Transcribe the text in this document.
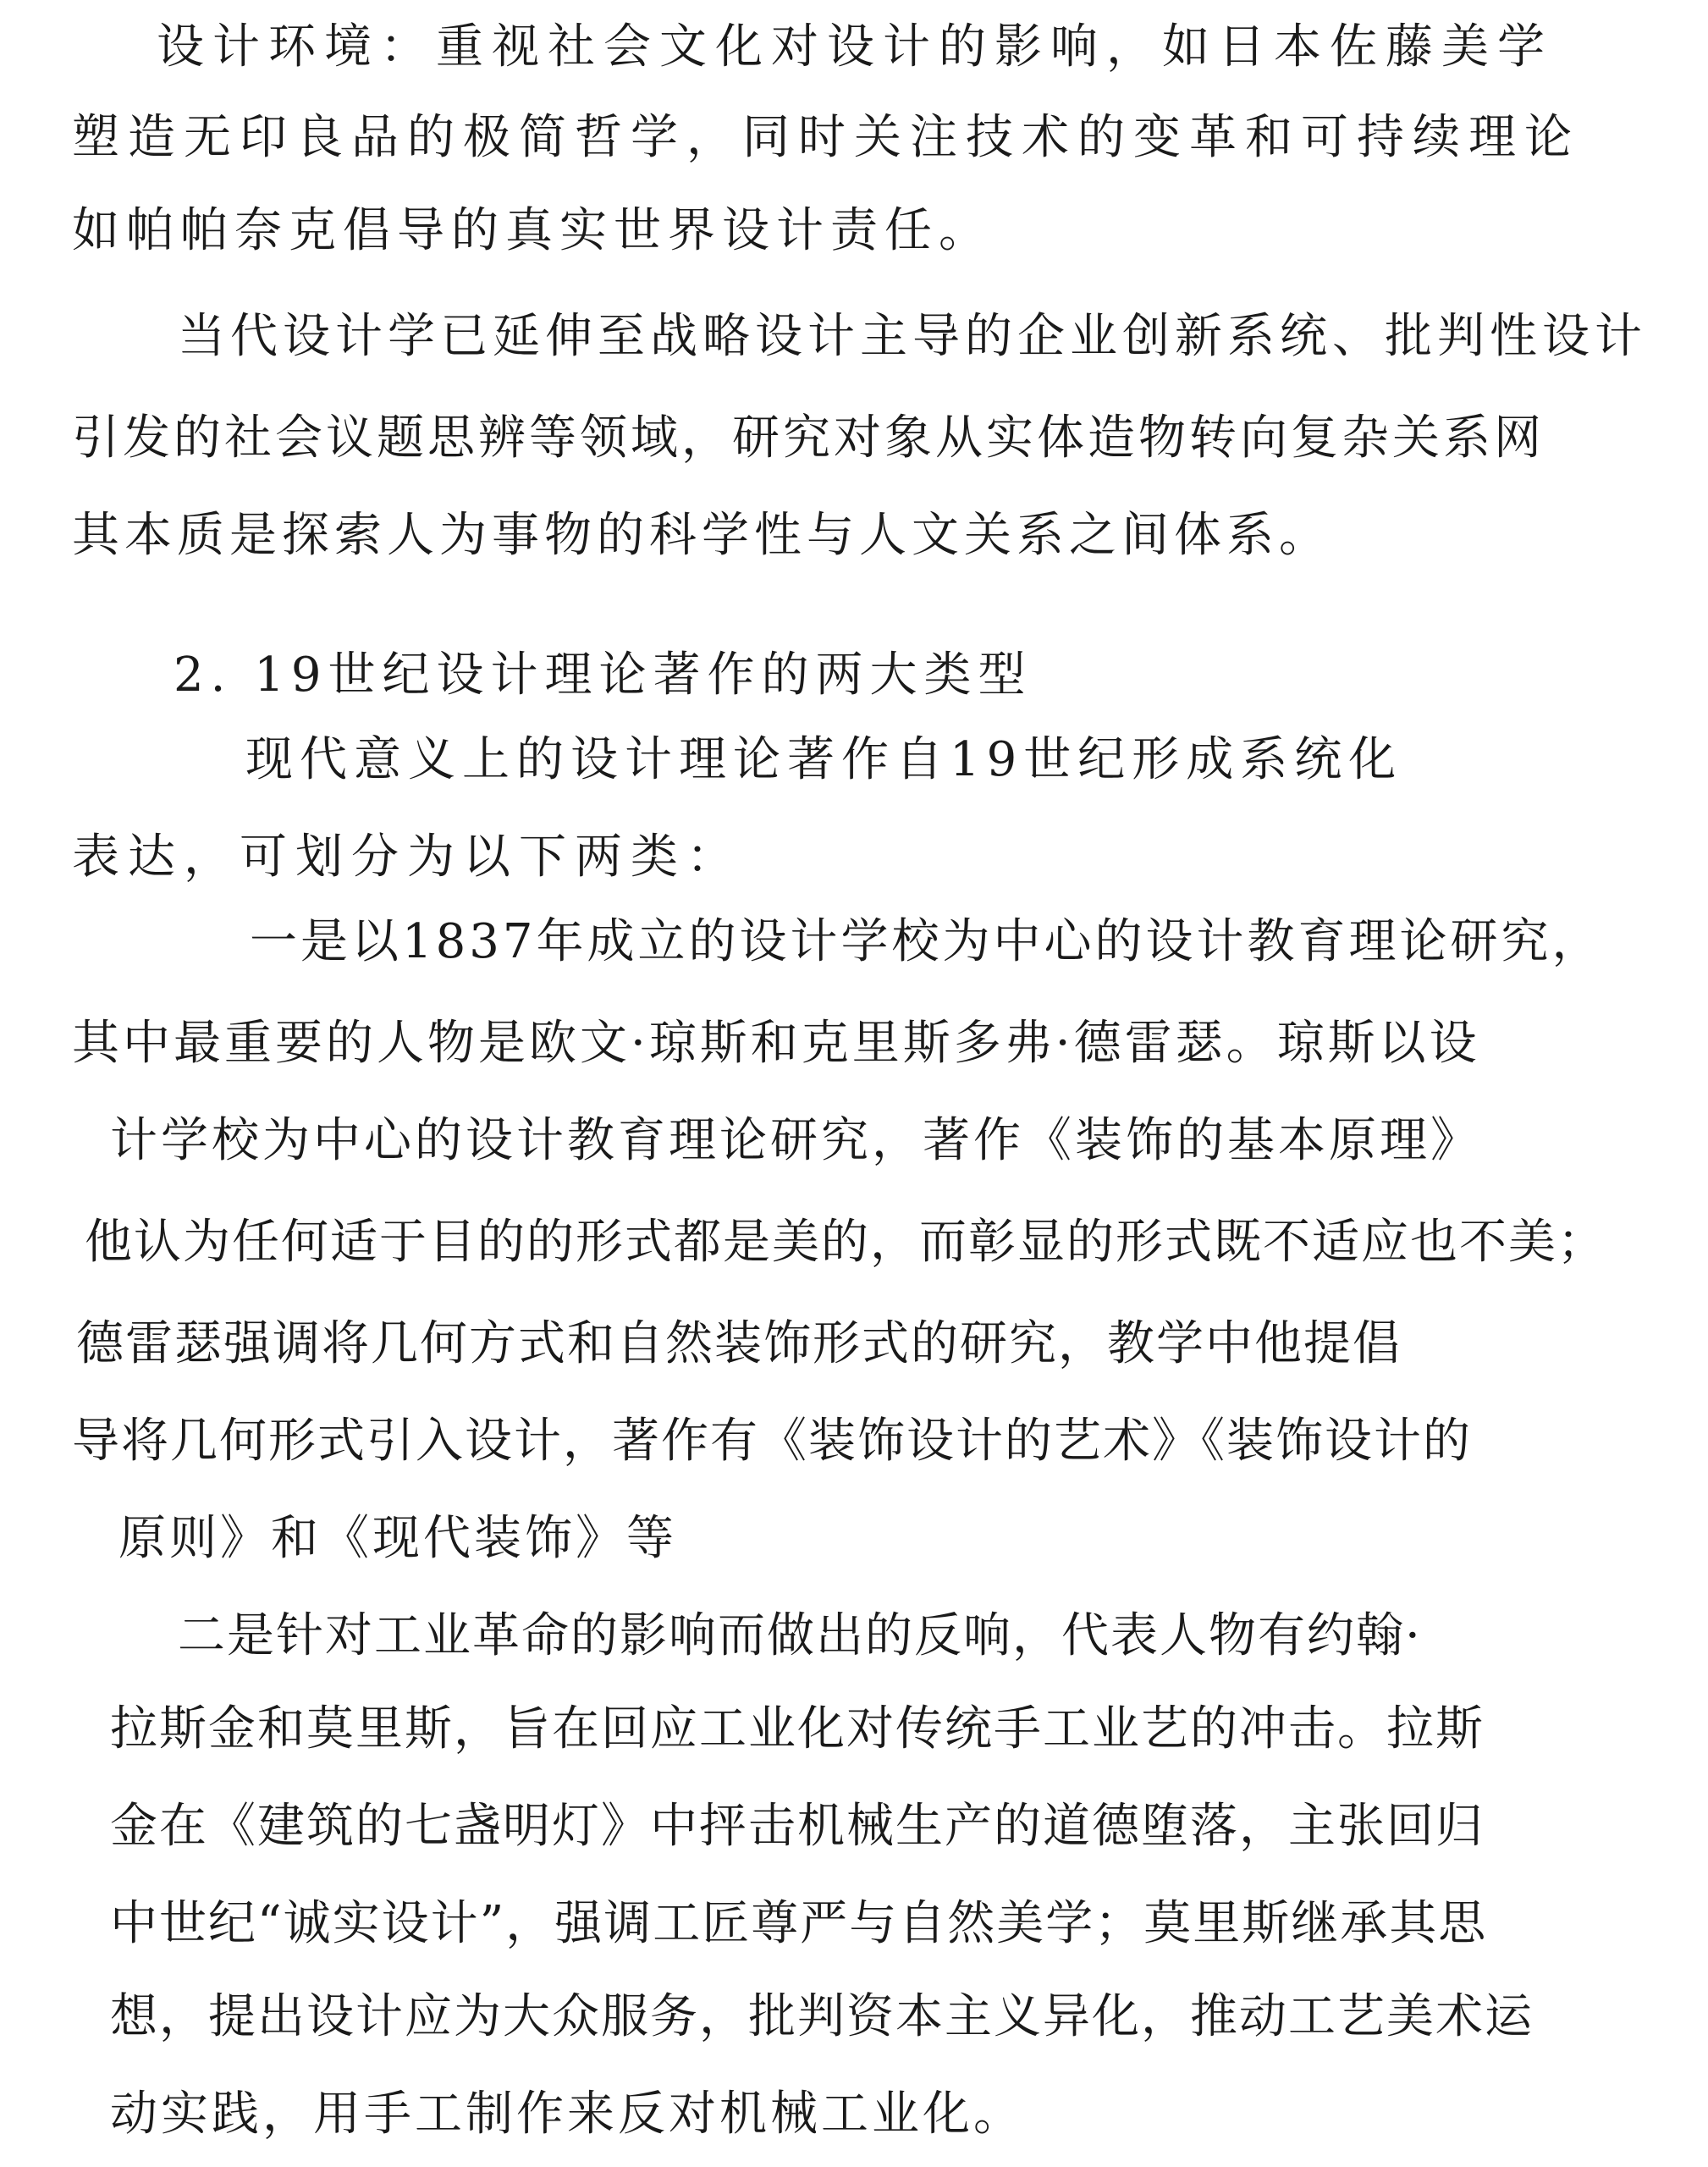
设计环境：重视社会文化对设计的影响，如日本佐藤美学
塑造无印良品的极简哲学，同时关注技术的变革和可持续理论
如帕帕奈克倡导的真实世界设计责任。
当代设计学已延伸至战略设计主导的企业创新系统、批判性设计
引发的社会议题思辨等领域，研究对象从实体造物转向复杂关系网
其本质是探索人为事物的科学性与人文关系之间体系。
2. 19世纪设计理论著作的两大类型
现代意义上的设计理论著作自19世纪形成系统化
表达，可划分为以下两类：
一是以1837年成立的设计学校为中心的设计教育理论研究，
其中最重要的人物是欧文·琼斯和克里斯多弗·德雷瑟。琼斯以设
计学校为中心的设计教育理论研究，著作《装饰的基本原理》
他认为任何适于目的的形式都是美的，而彰显的形式既不适应也不美；
德雷瑟强调将几何方式和自然装饰形式的研究，教学中他提倡
导将几何形式引入设计，著作有《装饰设计的艺术》《装饰设计的
原则》和《现代装饰》等
二是针对工业革命的影响而做出的反响，代表人物有约翰·
拉斯金和莫里斯，旨在回应工业化对传统手工业艺的冲击。拉斯
金在《建筑的七盏明灯》中抨击机械生产的道德堕落，主张回归
中世纪“诚实设计”，强调工匠尊严与自然美学；莫里斯继承其思
想，提出设计应为大众服务，批判资本主义异化，推动工艺美术运
动实践，用手工制作来反对机械工业化。
